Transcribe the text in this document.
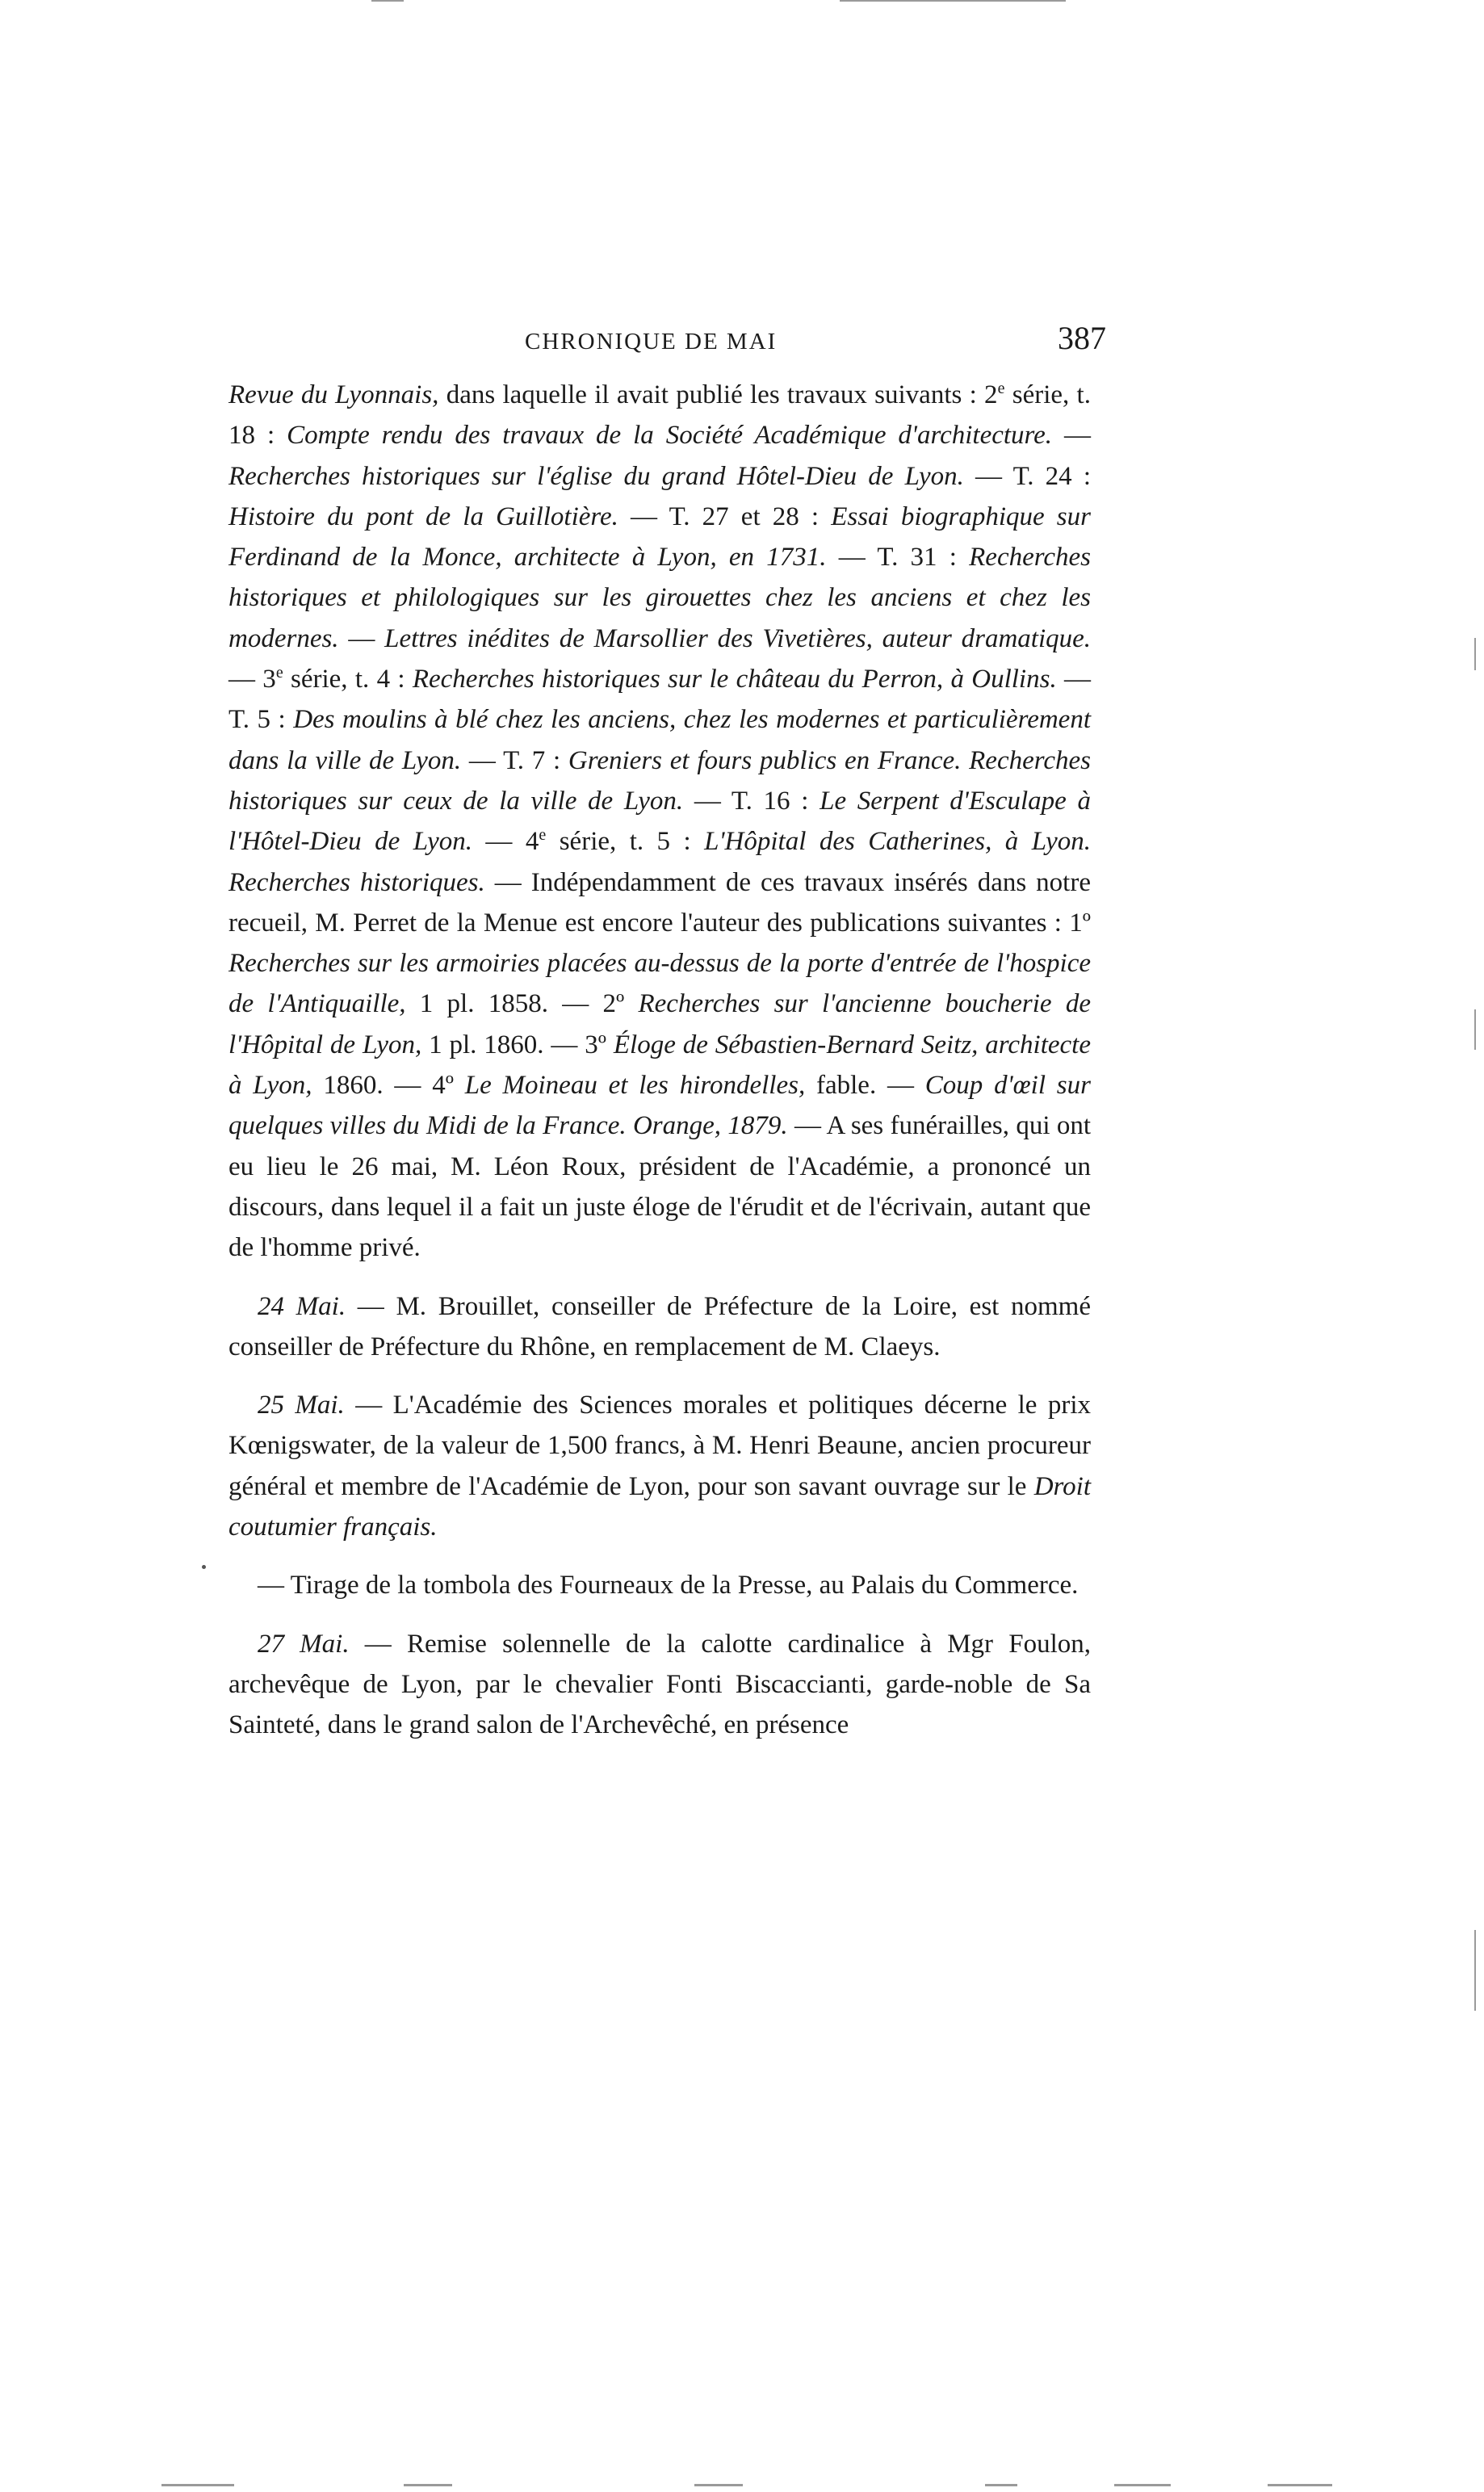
CHRONIQUE DE MAI	387

Revue du Lyonnais, dans laquelle il avait publié les travaux suivants : 2e série, t. 18 : Compte rendu des travaux de la Société Académique d'architecture. — Recherches historiques sur l'église du grand Hôtel-Dieu de Lyon. — T. 24 : Histoire du pont de la Guillotière. — T. 27 et 28 : Essai biographique sur Ferdinand de la Monce, architecte à Lyon, en 1731. — T. 31 : Recherches historiques et philologiques sur les girouettes chez les anciens et chez les modernes. — Lettres inédites de Marsollier des Vivetières, auteur dramatique. — 3e série, t. 4 : Recherches historiques sur le château du Perron, à Oullins. — T. 5 : Des moulins à blé chez les anciens, chez les modernes et particulièrement dans la ville de Lyon. — T. 7 : Greniers et fours publics en France. Recherches historiques sur ceux de la ville de Lyon. — T. 16 : Le Serpent d'Esculape à l'Hôtel-Dieu de Lyon. — 4e série, t. 5 : L'Hôpital des Catherines, à Lyon. Recherches historiques. — Indépendamment de ces travaux insérés dans notre recueil, M. Perret de la Menue est encore l'auteur des publications suivantes : 1º Recherches sur les armoiries placées au-dessus de la porte d'entrée de l'hospice de l'Antiquaille, 1 pl. 1858. — 2º Recherches sur l'ancienne boucherie de l'Hôpital de Lyon, 1 pl. 1860. — 3º Éloge de Sébastien-Bernard Seitz, architecte à Lyon, 1860. — 4º Le Moineau et les hirondelles, fable. — Coup d'œil sur quelques villes du Midi de la France. Orange, 1879. — A ses funérailles, qui ont eu lieu le 26 mai, M. Léon Roux, président de l'Académie, a prononcé un discours, dans lequel il a fait un juste éloge de l'érudit et de l'écrivain, autant que de l'homme privé.

24 Mai. — M. Brouillet, conseiller de Préfecture de la Loire, est nommé conseiller de Préfecture du Rhône, en remplacement de M. Claeys.

25 Mai. — L'Académie des Sciences morales et politiques décerne le prix Kœnigswater, de la valeur de 1,500 francs, à M. Henri Beaune, ancien procureur général et membre de l'Académie de Lyon, pour son savant ouvrage sur le Droit coutumier français.

— Tirage de la tombola des Fourneaux de la Presse, au Palais du Commerce.

27 Mai. — Remise solennelle de la calotte cardinalice à Mgr Foulon, archevêque de Lyon, par le chevalier Fonti Biscaccianti, garde-noble de Sa Sainteté, dans le grand salon de l'Archevêché, en présence
